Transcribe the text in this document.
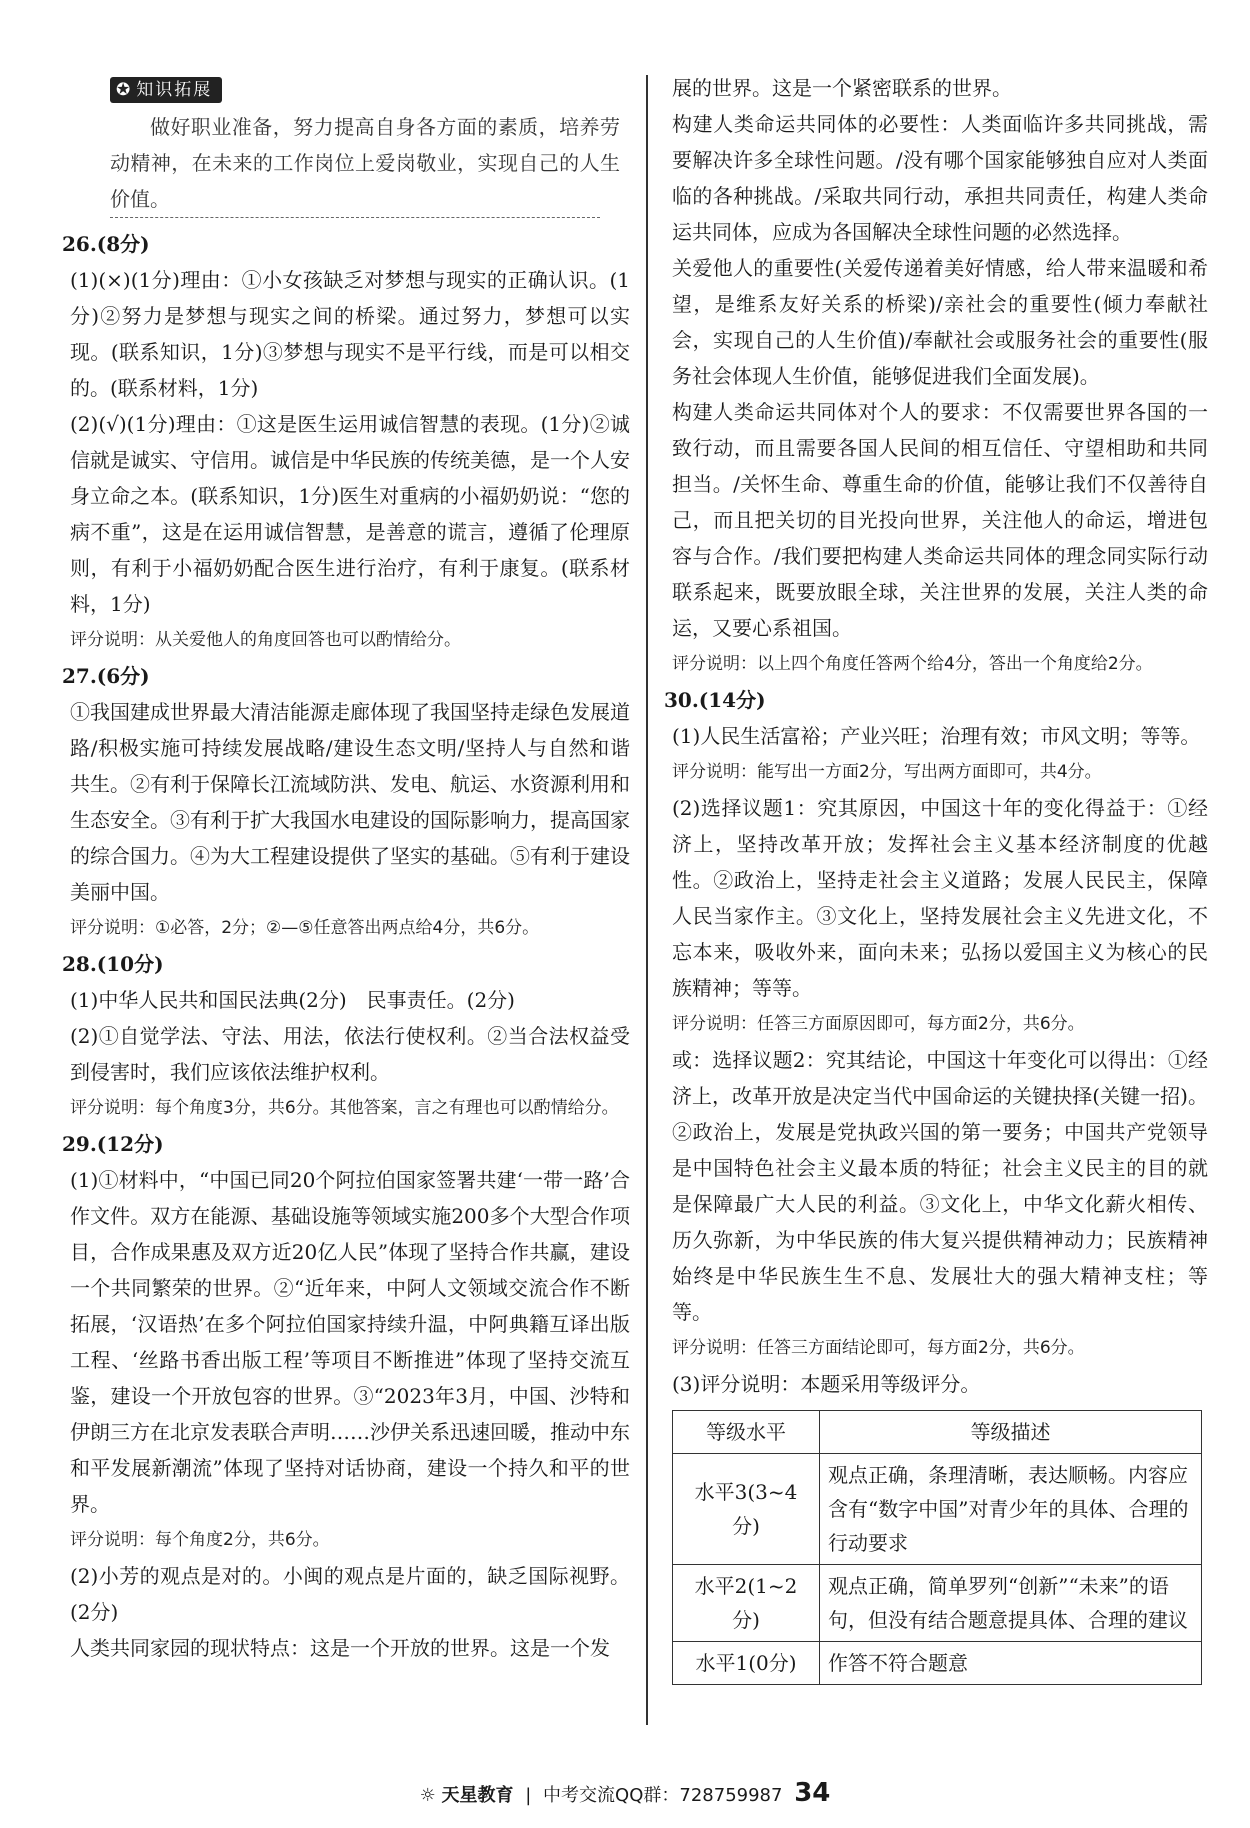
✪ 知识拓展

做好职业准备，努力提高自身各方面的素质，培养劳动精神，在未来的工作岗位上爱岗敬业，实现自己的人生价值。

26.(8分)

(1)(×)(1分)理由：①小女孩缺乏对梦想与现实的正确认识。(1分)②努力是梦想与现实之间的桥梁。通过努力，梦想可以实现。(联系知识，1分)③梦想与现实不是平行线，而是可以相交的。(联系材料，1分)

(2)(√)(1分)理由：①这是医生运用诚信智慧的表现。(1分)②诚信就是诚实、守信用。诚信是中华民族的传统美德，是一个人安身立命之本。(联系知识，1分)医生对重病的小福奶奶说：“您的病不重”，这是在运用诚信智慧，是善意的谎言，遵循了伦理原则，有利于小福奶奶配合医生进行治疗，有利于康复。(联系材料，1分)

评分说明：从关爱他人的角度回答也可以酌情给分。

27.(6分)

①我国建成世界最大清洁能源走廊体现了我国坚持走绿色发展道路/积极实施可持续发展战略/建设生态文明/坚持人与自然和谐共生。②有利于保障长江流域防洪、发电、航运、水资源利用和生态安全。③有利于扩大我国水电建设的国际影响力，提高国家的综合国力。④为大工程建设提供了坚实的基础。⑤有利于建设美丽中国。

评分说明：①必答，2分；②—⑤任意答出两点给4分，共6分。

28.(10分)

(1)中华人民共和国民法典(2分)　民事责任。(2分)

(2)①自觉学法、守法、用法，依法行使权利。②当合法权益受到侵害时，我们应该依法维护权利。

评分说明：每个角度3分，共6分。其他答案，言之有理也可以酌情给分。

29.(12分)

(1)①材料中，“中国已同20个阿拉伯国家签署共建‘一带一路’合作文件。双方在能源、基础设施等领域实施200多个大型合作项目，合作成果惠及双方近20亿人民”体现了坚持合作共赢，建设一个共同繁荣的世界。②“近年来，中阿人文领域交流合作不断拓展，‘汉语热’在多个阿拉伯国家持续升温，中阿典籍互译出版工程、‘丝路书香出版工程’等项目不断推进”体现了坚持交流互鉴，建设一个开放包容的世界。③“2023年3月，中国、沙特和伊朗三方在北京发表联合声明……沙伊关系迅速回暖，推动中东和平发展新潮流”体现了坚持对话协商，建设一个持久和平的世界。

评分说明：每个角度2分，共6分。

(2)小芳的观点是对的。小闽的观点是片面的，缺乏国际视野。(2分)

人类共同家园的现状特点：这是一个开放的世界。这是一个发

展的世界。这是一个紧密联系的世界。

构建人类命运共同体的必要性：人类面临许多共同挑战，需要解决许多全球性问题。/没有哪个国家能够独自应对人类面临的各种挑战。/采取共同行动，承担共同责任，构建人类命运共同体，应成为各国解决全球性问题的必然选择。

关爱他人的重要性(关爱传递着美好情感，给人带来温暖和希望，是维系友好关系的桥梁)/亲社会的重要性(倾力奉献社会，实现自己的人生价值)/奉献社会或服务社会的重要性(服务社会体现人生价值，能够促进我们全面发展)。

构建人类命运共同体对个人的要求：不仅需要世界各国的一致行动，而且需要各国人民间的相互信任、守望相助和共同担当。/关怀生命、尊重生命的价值，能够让我们不仅善待自己，而且把关切的目光投向世界，关注他人的命运，增进包容与合作。/我们要把构建人类命运共同体的理念同实际行动联系起来，既要放眼全球，关注世界的发展，关注人类的命运，又要心系祖国。

评分说明：以上四个角度任答两个给4分，答出一个角度给2分。

30.(14分)

(1)人民生活富裕；产业兴旺；治理有效；市风文明；等等。

评分说明：能写出一方面2分，写出两方面即可，共4分。

(2)选择议题1：究其原因，中国这十年的变化得益于：①经济上，坚持改革开放；发挥社会主义基本经济制度的优越性。②政治上，坚持走社会主义道路；发展人民民主，保障人民当家作主。③文化上，坚持发展社会主义先进文化，不忘本来，吸收外来，面向未来；弘扬以爱国主义为核心的民族精神；等等。

评分说明：任答三方面原因即可，每方面2分，共6分。

或：选择议题2：究其结论，中国这十年变化可以得出：①经济上，改革开放是决定当代中国命运的关键抉择(关键一招)。②政治上，发展是党执政兴国的第一要务；中国共产党领导是中国特色社会主义最本质的特征；社会主义民主的目的就是保障最广大人民的利益。③文化上，中华文化薪火相传、历久弥新，为中华民族的伟大复兴提供精神动力；民族精神始终是中华民族生生不息、发展壮大的强大精神支柱；等等。

评分说明：任答三方面结论即可，每方面2分，共6分。

(3)评分说明：本题采用等级评分。

等级水平	等级描述
水平3(3~4分)	观点正确，条理清晰，表达顺畅。内容应含有“数字中国”对青少年的具体、合理的行动要求
水平2(1~2分)	观点正确，简单罗列“创新”“未来”的语句，但没有结合题意提具体、合理的建议
水平1(0分)	作答不符合题意
☼ 天星教育 | 中考交流QQ群：728759987 34
